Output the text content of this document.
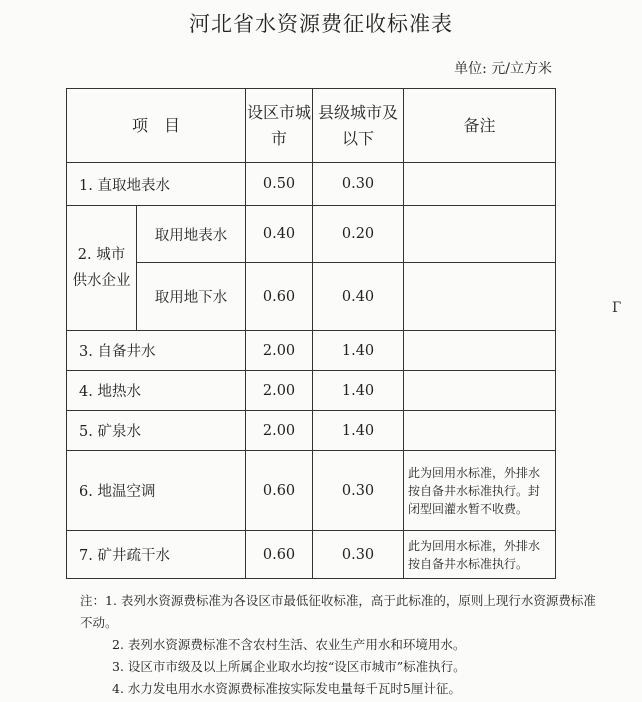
河北省水资源费征收标准表
单位: 元/立方米
项　目		设区市城市	县级城市及以下	备注
1. 直取地表水		0.50	0.30	
2. 城市供水企业	取用地表水	0.40	0.20	
	取用地下水	0.60	0.40	
3. 自备井水		2.00	1.40	
4. 地热水		2.00	1.40	
5. 矿泉水		2.00	1.40	
6. 地温空调		0.60	0.30	此为回用水标准，外排水按自备井水标准执行。封闭型回灌水暂不收费。
7. 矿井疏干水		0.60	0.30	此为回用水标准，外排水按自备井水标准执行。

注：1. 表列水资源费标准为各设区市最低征收标准，高于此标准的，原则上现行水资源费标准不动。

2. 表列水资源费标准不含农村生活、农业生产用水和环境用水。

3. 设区市市级及以上所属企业取水均按“设区市城市”标准执行。

4. 水力发电用水水资源费标准按实际发电量每千瓦时5厘计征。

Г
